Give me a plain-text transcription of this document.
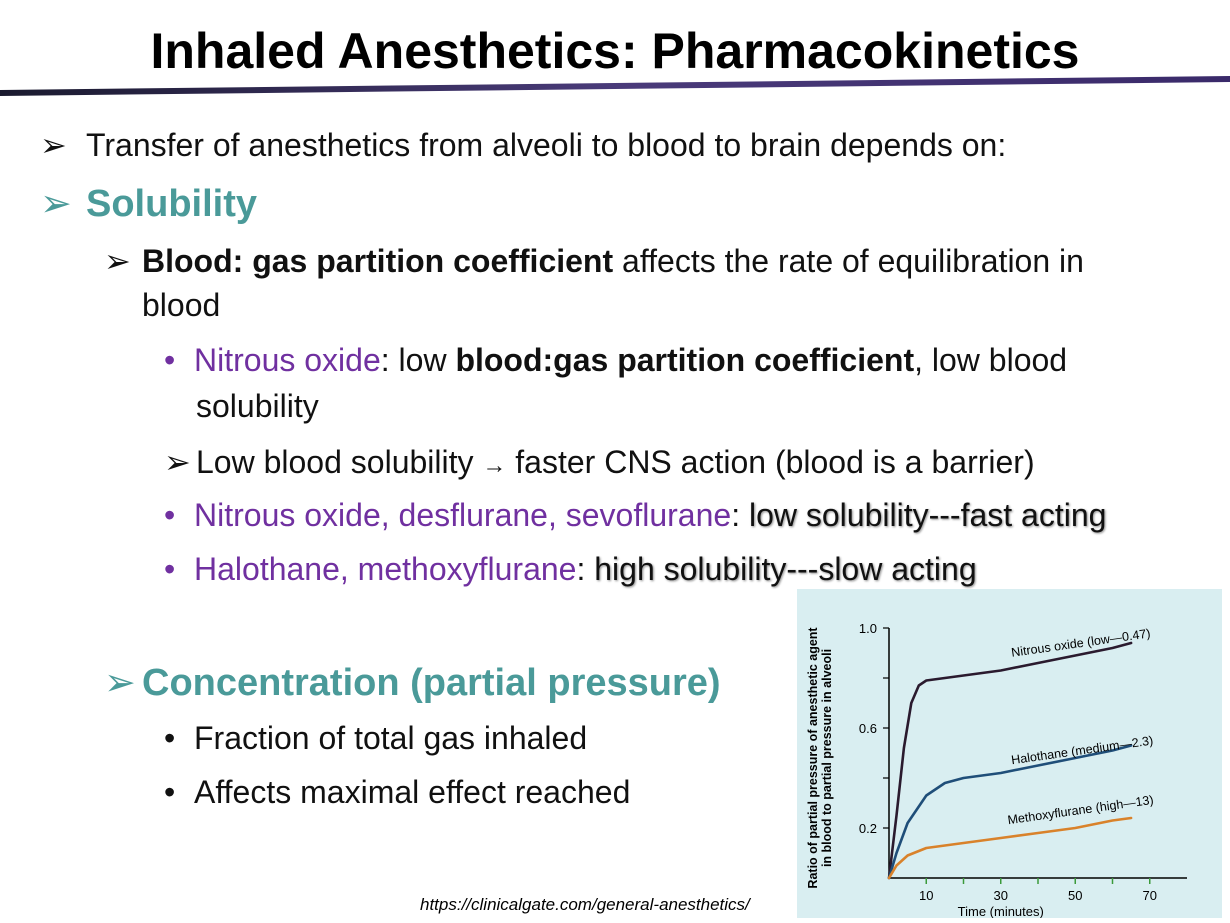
Inhaled Anesthetics: Pharmacokinetics
➢ Transfer of anesthetics from alveoli to blood to brain depends on:
➢ Solubility
➢ Blood: gas partition coefficient affects the rate of equilibration in
blood
• Nitrous oxide: low blood:gas partition coefficient, low blood
solubility
➢ Low blood solubility → faster CNS action (blood is a barrier)
• Nitrous oxide, desflurane, sevoflurane: low solubility---fast acting
• Halothane, methoxyflurane: high solubility---slow acting
➢ Concentration (partial pressure)
• Fraction of total gas inhaled
• Affects maximal effect reached
https://clinicalgate.com/general-anesthetics/
0.2
0.6
1.0
10	30	50	70
Time (minutes)
Ratio of partial pressure of anesthetic agent in blood to partial pressure in alveoli
Nitrous oxide (low—0.47)
Halothane (medium—2.3)
Methoxyflurane (high—13)
